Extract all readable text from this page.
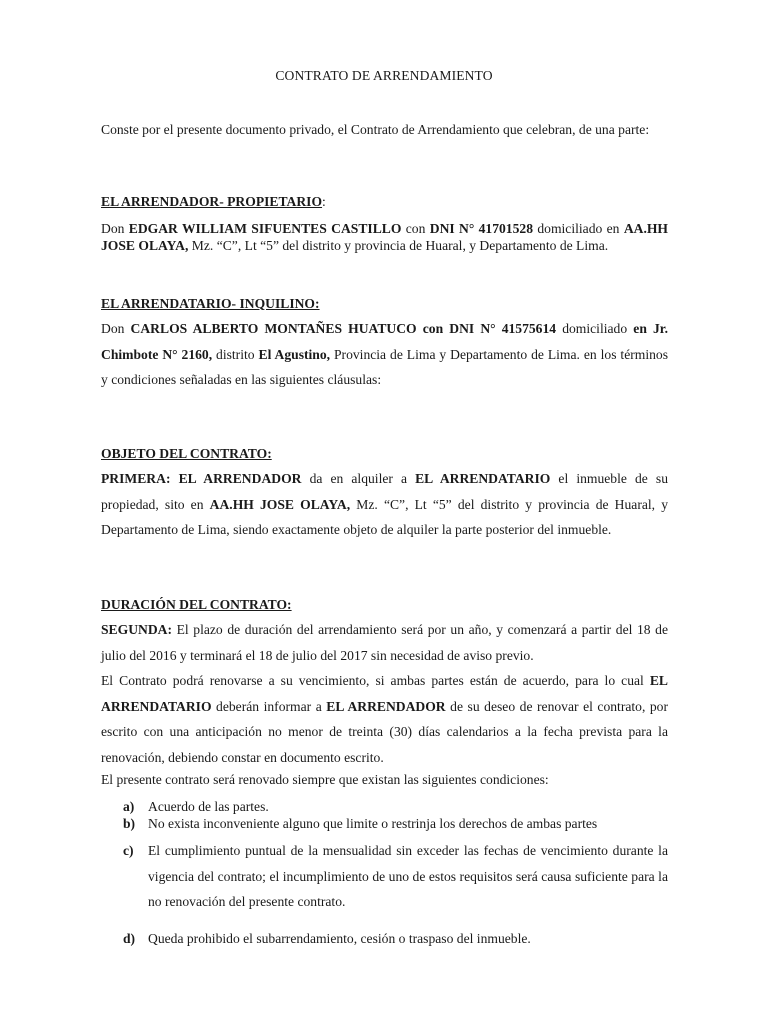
CONTRATO DE ARRENDAMIENTO
Conste por el presente documento privado, el Contrato de Arrendamiento que celebran, de una parte:
EL ARRENDADOR- PROPIETARIO:
Don EDGAR WILLIAM SIFUENTES CASTILLO con DNI N° 41701528 domiciliado en AA.HH JOSE OLAYA, Mz. “C”, Lt “5” del distrito y provincia de Huaral, y Departamento de Lima.
EL ARRENDATARIO- INQUILINO:
Don CARLOS ALBERTO MONTAÑES HUATUCO con DNI N° 41575614 domiciliado en Jr. Chimbote N° 2160, distrito El Agustino, Provincia de Lima y Departamento de Lima. en los términos y condiciones señaladas en las siguientes cláusulas:
OBJETO DEL CONTRATO:
PRIMERA: EL ARRENDADOR da en alquiler a EL ARRENDATARIO el inmueble de su propiedad, sito en AA.HH JOSE OLAYA, Mz. “C”, Lt “5” del distrito y provincia de Huaral, y Departamento de Lima, siendo exactamente objeto de alquiler la parte posterior del inmueble.
DURACIÓN DEL CONTRATO:
SEGUNDA: El plazo de duración del arrendamiento será por un año, y comenzará a partir del 18 de julio del 2016 y terminará el 18 de julio del 2017 sin necesidad de aviso previo.
El Contrato podrá renovarse a su vencimiento, si ambas partes están de acuerdo, para lo cual EL ARRENDATARIO deberán informar a EL ARRENDADOR de su deseo de renovar el contrato, por escrito con una anticipación no menor de treinta (30) días calendarios a la fecha prevista para la renovación, debiendo constar en documento escrito.
El presente contrato será renovado siempre que existan las siguientes condiciones:
a) Acuerdo de las partes.
b) No exista inconveniente alguno que limite o restrinja los derechos de ambas partes
c) El cumplimiento puntual de la mensualidad sin exceder las fechas de vencimiento durante la vigencia del contrato; el incumplimiento de uno de estos requisitos será causa suficiente para la no renovación del presente contrato.
d) Queda prohibido el subarrendamiento, cesión o traspaso del inmueble.
